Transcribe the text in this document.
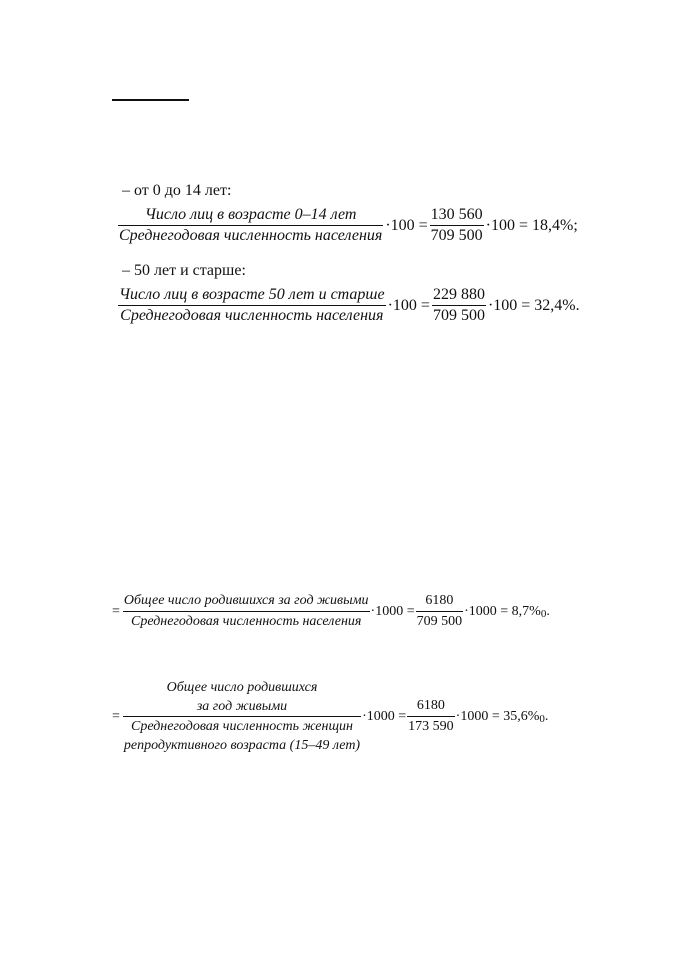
– от 0 до 14 лет:
$\frac{\text{Число лиц в возрасте 0–14 лет}}{\text{Среднегодовая численность населения}} \cdot 100 = \frac{130 560}{709 500} \cdot 100 = 18,4\%$;
– 50 лет и старше:
$\frac{\text{Число лиц в возрасте 50 лет и старше}}{\text{Среднегодовая численность населения}} \cdot 100 = \frac{229 880}{709 500} \cdot 100 = 32,4\%$.
= $\frac{\text{Общее число родившихся за год живыми}}{\text{Среднегодовая численность населения}} \cdot 1000 = \frac{6180}{709 500} \cdot 1000 = 8,7\%0$.
=
Общее число родившихся
за год живыми
Среднегодовая численность женщин
репродуктивного возраста (15–49 лет)
$\cdot 1000 = \frac{6180}{173 590} \cdot 1000 = 35,6\%0$.
